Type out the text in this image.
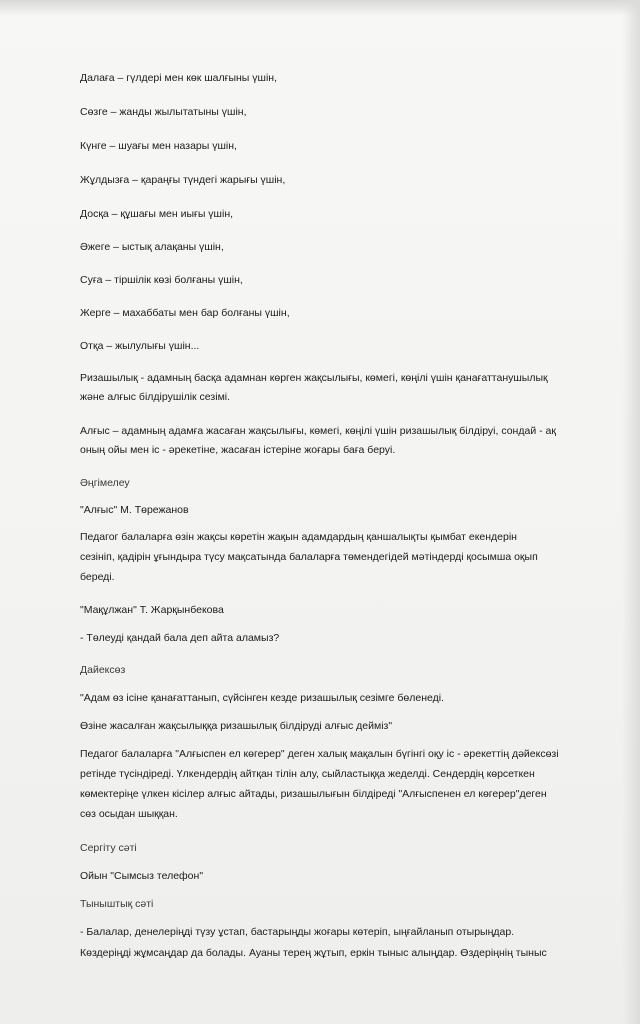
Далаға – гүлдері мен көк шалғыны үшін,

Сөзге – жанды жылытатыны үшін,

Күнге – шуағы мен назары үшін,

Жұлдызға – қараңғы түндегі жарығы үшін,

Досқа – құшағы мен иығы үшін,

Әжеге – ыстық алақаны үшін,

Суға – тіршілік көзі болғаны үшін,

Жерге – махаббаты мен бар болғаны үшін,

Отқа – жылулығы үшін...

Ризашылық - адамның басқа адамнан көрген жақсылығы, көмегі, көңілі үшін қанағаттанушылық
және алғыс білдірушілік сезімі.
Алғыс – адамның адамға жасаған жақсылығы, көмегі, көңілі үшін ризашылық білдіруі, сондай - ақ
оның ойы мен іс - әрекетіне, жасаған істеріне жоғары баға беруі.

Әңгімелеу

"Алғыс" М. Төрежанов

Педагог балаларға өзін жақсы көретін жақын адамдардың қаншалықты қымбат екендерін
сезініп, қадірін ұғындыра түсу мақсатында балаларға төмендегідей мәтіндерді қосымша оқып
береді.

"Мақұлжан" Т. Жарқынбекова

- Төлеуді қандай бала деп айта аламыз?

Дайексөз

"Адам өз ісіне қанағаттанып, сүйсінген кезде ризашылық сезімге бөленеді.

Өзіне жасалған жақсылыққа ризашылық білдіруді алғыс дейміз"

Педагог балаларға "Алғыспен ел көгерер" деген халық мақалын бүгінгі оқу іс - әрекеттің дәйексөзі
ретінде түсіндіреді. Үлкендердің айтқан тілін алу, сыйластыққа жеделді. Сендердің көрсеткен
көмектеріңе үлкен кісілер алғыс айтады, ризашылығын білдіреді "Алғыспенен ел көгерер"деген
сөз осыдан шыққан.

Сергіту сәті

Ойын "Сымсыз телефон"

Тыныштық сәті

- Балалар, денелеріңді түзу ұстап, бастарыңды жоғары көтеріп, ыңғайланып отырыңдар.
Көздеріңді жұмсаңдар да болады. Ауаны терең жұтып, еркін тыныс алыңдар. Өздеріңнің тыныс
